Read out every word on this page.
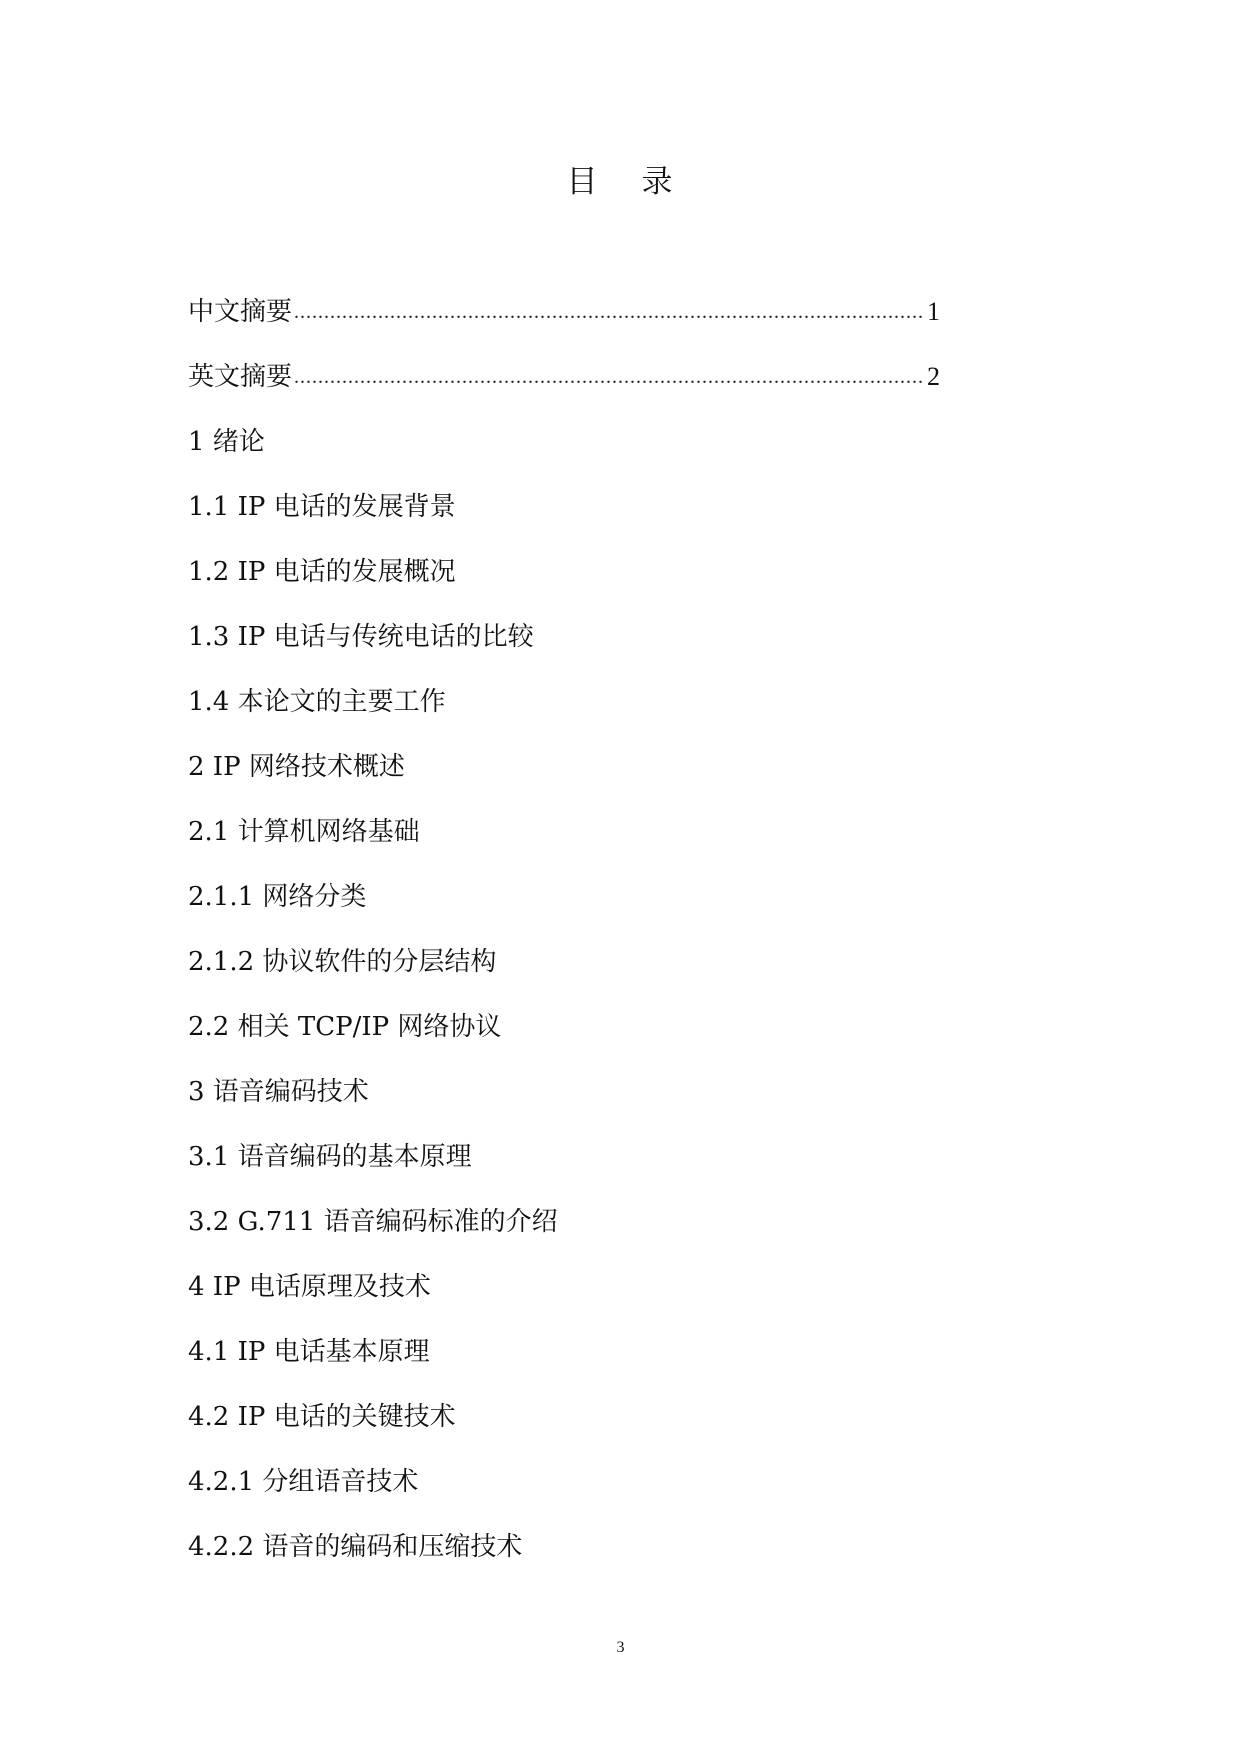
目 录
中文摘要 .....	1
英文摘要 .....	2
1 绪论
1.1 IP 电话的发展背景
1.2 IP 电话的发展概况
1.3 IP 电话与传统电话的比较
1.4 本论文的主要工作
2 IP 网络技术概述
2.1 计算机网络基础
2.1.1 网络分类
2.1.2 协议软件的分层结构
2.2 相关 TCP/IP 网络协议
3 语音编码技术
3.1 语音编码的基本原理
3.2 G.711 语音编码标准的介绍
4 IP 电话原理及技术
4.1 IP 电话基本原理
4.2 IP 电话的关键技术
4.2.1 分组语音技术
4.2.2 语音的编码和压缩技术
3
